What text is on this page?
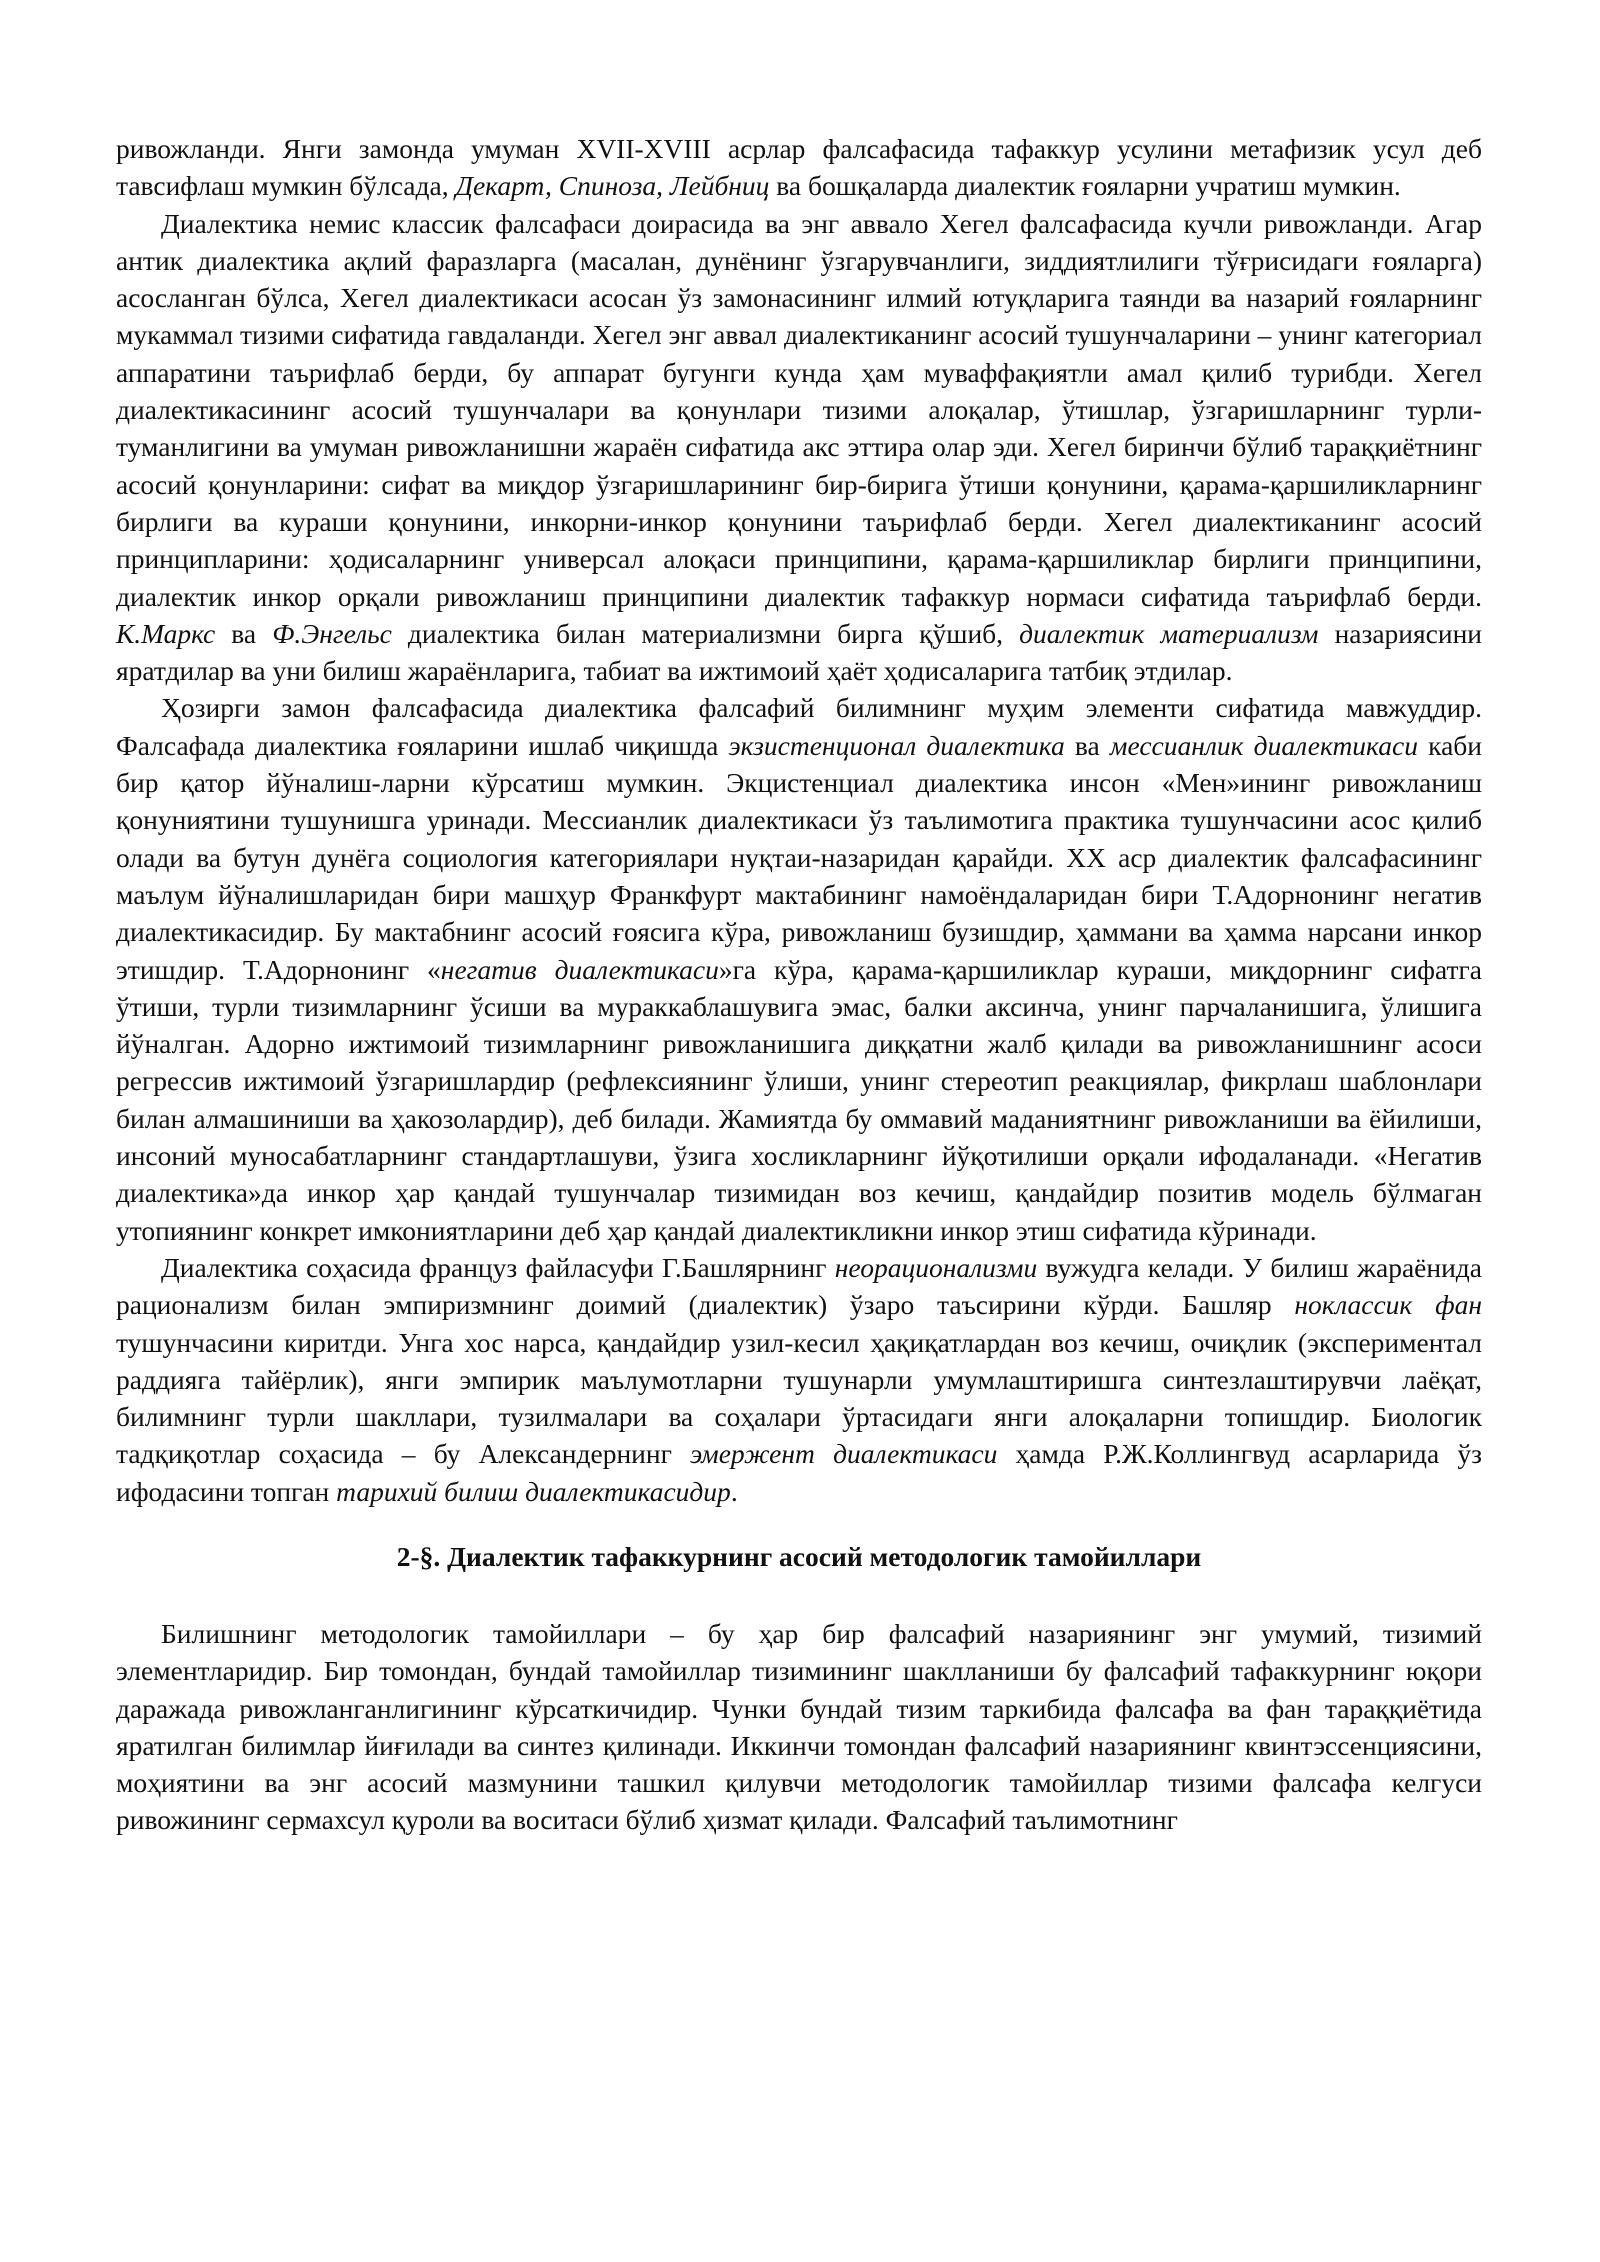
ривожланди. Янги замонда умуман XVII-XVIII асрлар фалсафасида тафаккур усулини метафизик усул деб тавсифлаш мумкин бўлсада, Декарт, Спиноза, Лейбниц ва бошқаларда диалектик ғояларни учратиш мумкин.

Диалектика немис классик фалсафаси доирасида ва энг аввало Хегел фалсафасида кучли ривожланди. Агар антик диалектика ақлий фаразларга (масалан, дунёнинг ўзгарувчанлиги, зиддиятлилиги тўғрисидаги ғояларга) асосланган бўлса, Хегел диалектикаси асосан ўз замонасининг илмий ютуқларига таянди ва назарий ғояларнинг мукаммал тизими сифатида гавдаланди. Хегел энг аввал диалектиканинг асосий тушунчаларини – унинг категориал аппаратини таърифлаб берди, бу аппарат бугунги кунда ҳам муваффақиятли амал қилиб турибди. Хегел диалектикасининг асосий тушунчалари ва қонунлари тизими алоқалар, ўтишлар, ўзгаришларнинг турли-туманлигини ва умуман ривожланишни жараён сифатида акс эттира олар эди. Хегел биринчи бўлиб тараққиётнинг асосий қонунларини: сифат ва миқдор ўзгаришларининг бир-бирига ўтиши қонунини, қарама-қаршиликларнинг бирлиги ва кураши қонунини, инкорни-инкор қонунини таърифлаб берди. Хегел диалектиканинг асосий принципларини: ҳодисаларнинг универсал алоқаси принципини, қарама-қаршиликлар бирлиги принципини, диалектик инкор орқали ривожланиш принципини диалектик тафаккур нормаси сифатида таърифлаб берди. К.Маркс ва Ф.Энгельс диалектика билан материализмни бирга қўшиб, диалектик материализм назариясини яратдилар ва уни билиш жараёнларига, табиат ва ижтимоий ҳаёт ҳодисаларига татбиқ этдилар.

Ҳозирги замон фалсафасида диалектика фалсафий билимнинг муҳим элементи сифатида мавжуддир. Фалсафада диалектика ғояларини ишлаб чиқишда экзистенционал диалектика ва мессианлик диалектикаси каби бир қатор йўналиш-ларни кўрсатиш мумкин. Экцистенциал диалектика инсон «Мен»ининг ривожланиш қонуниятини тушунишга уринади. Мессианлик диалектикаси ўз таълимотига практика тушунчасини асос қилиб олади ва бутун дунёга социология категориялари нуқтаи-назаридан қарайди. XX аср диалектик фалсафасининг маълум йўналишларидан бири машҳур Франкфурт мактабининг намоёндаларидан бири Т.Адорнонинг негатив диалектикасидир. Бу мактабнинг асосий ғоясига кўра, ривожланиш бузишдир, ҳаммани ва ҳамма нарсани инкор этишдир. Т.Адорнонинг «негатив диалектикаси»га кўра, қарама-қаршиликлар кураши, миқдорнинг сифатга ўтиши, турли тизимларнинг ўсиши ва мураккаблашувига эмас, балки аксинча, унинг парчаланишига, ўлишига йўналган. Адорно ижтимоий тизимларнинг ривожланишига диққатни жалб қилади ва ривожланишнинг асоси регрессив ижтимоий ўзгаришлардир (рефлексиянинг ўлиши, унинг стереотип реакциялар, фикрлаш шаблонлари билан алмашиниши ва ҳакозолардир), деб билади. Жамиятда бу оммавий маданиятнинг ривожланиши ва ёйилиши, инсоний муносабатларнинг стандартлашуви, ўзига хосликларнинг йўқотилиши орқали ифодаланади. «Негатив диалектика»да инкор ҳар қандай тушунчалар тизимидан воз кечиш, қандайдир позитив модель бўлмаган утопиянинг конкрет имкониятларини деб ҳар қандай диалектикликни инкор этиш сифатида кўринади.

Диалектика соҳасида француз файласуфи Г.Башлярнинг неорационализми вужудга келади. У билиш жараёнида рационализм билан эмпиризмнинг доимий (диалектик) ўзаро таъсирини кўрди. Башляр ноклассик фан тушунчасини киритди. Унга хос нарса, қандайдир узил-кесил ҳақиқатлардан воз кечиш, очиқлик (экспериментал раддияга тайёрлик), янги эмпирик маълумотларни тушунарли умумлаштиришга синтезлаштирувчи лаёқат, билимнинг турли шакллари, тузилмалари ва соҳалари ўртасидаги янги алоқаларни топишдир. Биологик тадқиқотлар соҳасида – бу Александернинг эмержент диалектикаси ҳамда Р.Ж.Коллингвуд асарларида ўз ифодасини топган тарихий билиш диалектикасидир.

2-§. Диалектик тафаккурнинг асосий методологик тамойиллари

Билишнинг методологик тамойиллари – бу ҳар бир фалсафий назариянинг энг умумий, тизимий элементларидир. Бир томондан, бундай тамойиллар тизимининг шаклланиши бу фалсафий тафаккурнинг юқори даражада ривожланганлигининг кўрсаткичидир. Чунки бундай тизим таркибида фалсафа ва фан тараққиётида яратилган билимлар йиғилади ва синтез қилинади. Иккинчи томондан фалсафий назариянинг квинтэссенциясини, моҳиятини ва энг асосий мазмунини ташкил қилувчи методологик тамойиллар тизими фалсафа келгуси ривожининг сермахсул қуроли ва воситаси бўлиб ҳизмат қилади. Фалсафий таълимотнинг
